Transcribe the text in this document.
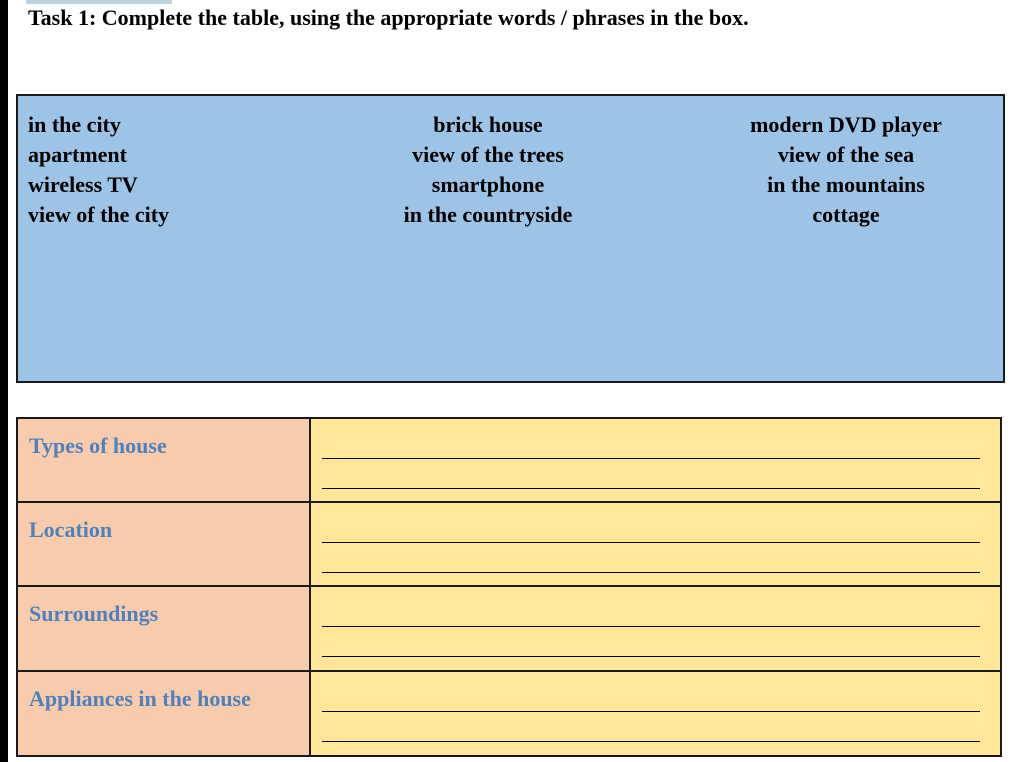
Task 1: Complete the table, using the appropriate words / phrases in the box.
in the city
apartment
wireless TV
view of the city
brick house
view of the trees
smartphone
in the countryside
modern DVD player
view of the sea
in the mountains
cottage
Types of house
Location
Surroundings
Appliances in the house
